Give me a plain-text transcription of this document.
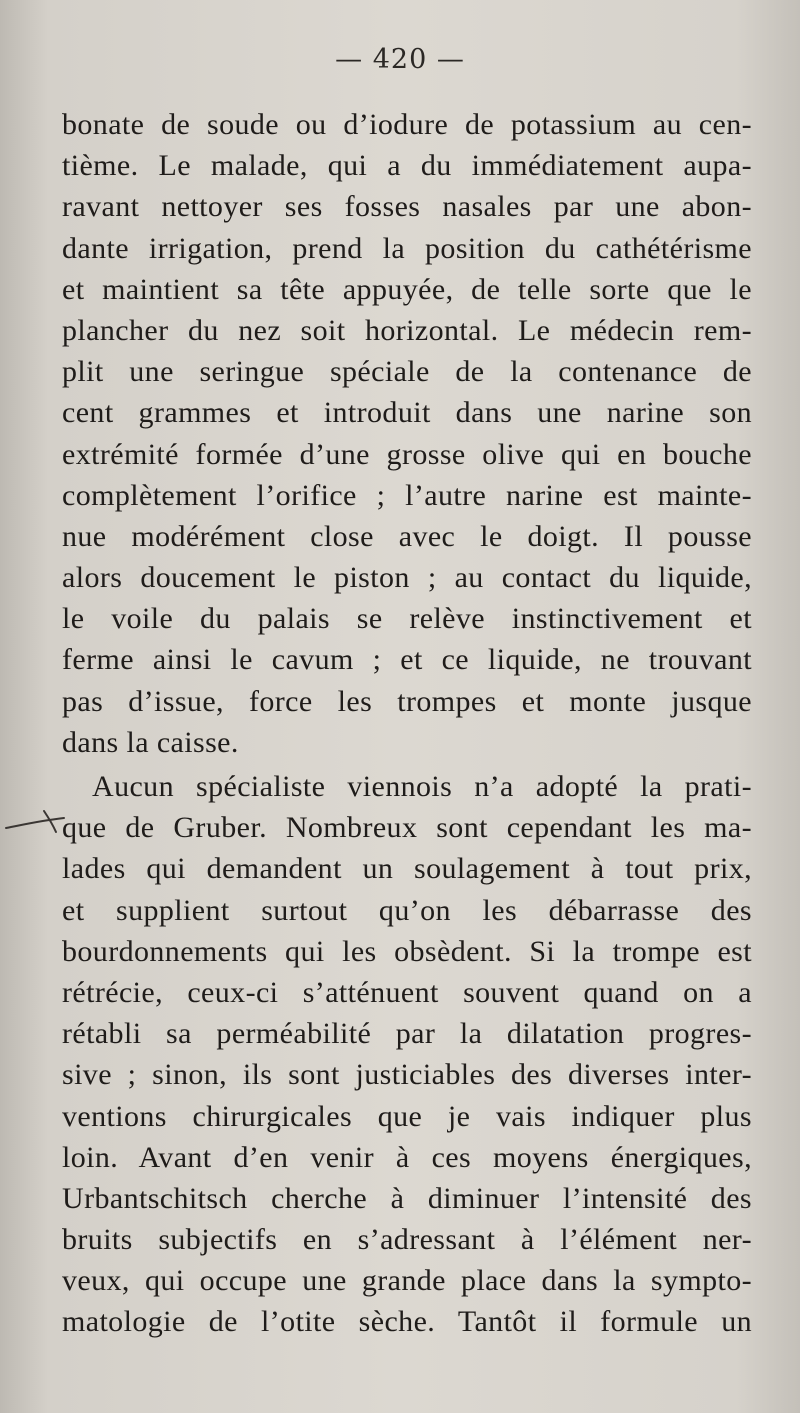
— 420 —
bonate de soude ou d’iodure de potassium au cen-
tième. Le malade, qui a du immédiatement aupa-
ravant nettoyer ses fosses nasales par une abon-
dante irrigation, prend la position du cathétérisme
et maintient sa tête appuyée, de telle sorte que le
plancher du nez soit horizontal. Le médecin rem-
plit une seringue spéciale de la contenance de
cent grammes et introduit dans une narine son
extrémité formée d’une grosse olive qui en bouche
complètement l’orifice ; l’autre narine est mainte-
nue modérément close avec le doigt. Il pousse
alors doucement le piston ; au contact du liquide,
le voile du palais se relève instinctivement et
ferme ainsi le cavum ; et ce liquide, ne trouvant
pas d’issue, force les trompes et monte jusque
dans la caisse.
Aucun spécialiste viennois n’a adopté la prati-
que de Gruber. Nombreux sont cependant les ma-
lades qui demandent un soulagement à tout prix,
et supplient surtout qu’on les débarrasse des
bourdonnements qui les obsèdent. Si la trompe est
rétrécie, ceux-ci s’atténuent souvent quand on a
rétabli sa perméabilité par la dilatation progres-
sive ; sinon, ils sont justiciables des diverses inter-
ventions chirurgicales que je vais indiquer plus
loin. Avant d’en venir à ces moyens énergiques,
Urbantschitsch cherche à diminuer l’intensité des
bruits subjectifs en s’adressant à l’élément ner-
veux, qui occupe une grande place dans la sympto-
matologie de l’otite sèche. Tantôt il formule un
